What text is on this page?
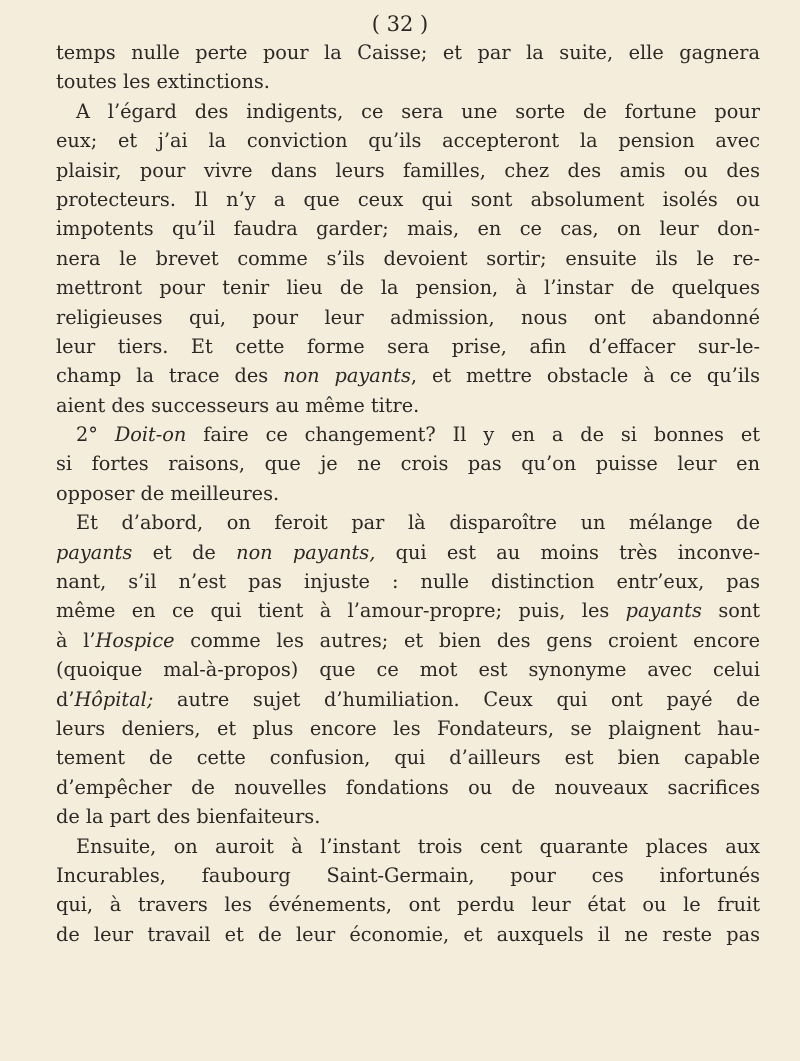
( 32 )
temps nulle perte pour la Caisse; et par la suite, elle gagnera
toutes les extinctions.
A l’égard des indigents, ce sera une sorte de fortune pour
eux; et j’ai la conviction qu’ils accepteront la pension avec
plaisir, pour vivre dans leurs familles, chez des amis ou des
protecteurs. Il n’y a que ceux qui sont absolument isolés ou
impotents qu’il faudra garder; mais, en ce cas, on leur don-
nera le brevet comme s’ils devoient sortir; ensuite ils le re-
mettront pour tenir lieu de la pension, à l’instar de quelques
religieuses qui, pour leur admission, nous ont abandonné
leur tiers. Et cette forme sera prise, afin d’effacer sur-le-
champ la trace des non payants, et mettre obstacle à ce qu’ils
aient des successeurs au même titre.
2° Doit-on faire ce changement? Il y en a de si bonnes et
si fortes raisons, que je ne crois pas qu’on puisse leur en
opposer de meilleures.
Et d’abord, on feroit par là disparoître un mélange de
payants et de non payants, qui est au moins très inconve-
nant, s’il n’est pas injuste : nulle distinction entr’eux, pas
même en ce qui tient à l’amour-propre; puis, les payants sont
à l’Hospice comme les autres; et bien des gens croient encore
(quoique mal-à-propos) que ce mot est synonyme avec celui
d’Hôpital; autre sujet d’humiliation. Ceux qui ont payé de
leurs deniers, et plus encore les Fondateurs, se plaignent hau-
tement de cette confusion, qui d’ailleurs est bien capable
d’empêcher de nouvelles fondations ou de nouveaux sacrifices
de la part des bienfaiteurs.
Ensuite, on auroit à l’instant trois cent quarante places aux
Incurables, faubourg Saint-Germain, pour ces infortunés
qui, à travers les événements, ont perdu leur état ou le fruit
de leur travail et de leur économie, et auxquels il ne reste pas
